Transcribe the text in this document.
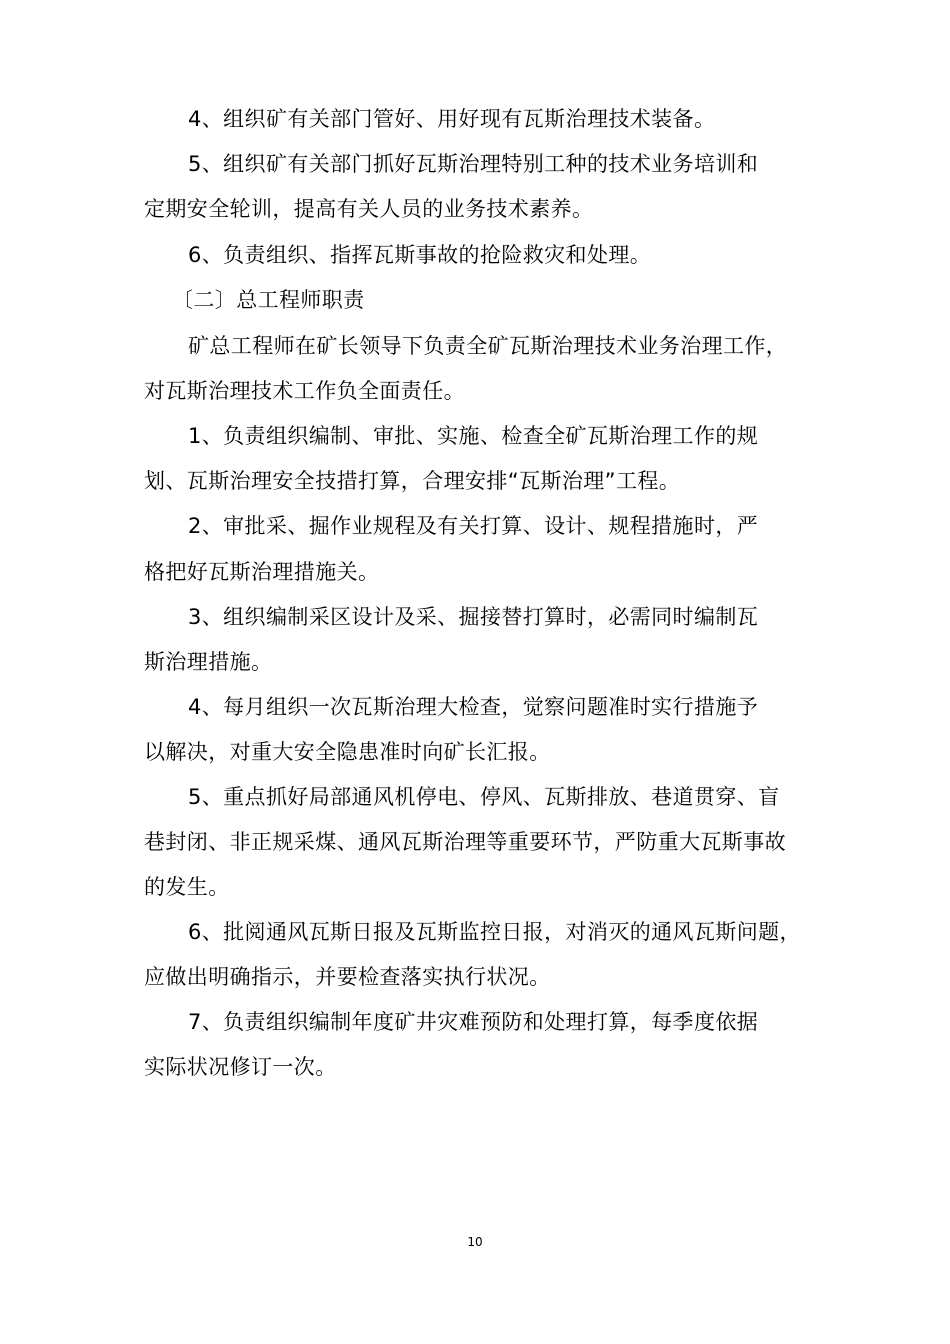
4、组织矿有关部门管好、用好现有瓦斯治理技术装备。
5、组织矿有关部门抓好瓦斯治理特别工种的技术业务培训和
定期安全轮训，提高有关人员的业务技术素养。
6、负责组织、指挥瓦斯事故的抢险救灾和处理。
〔二〕总工程师职责
矿总工程师在矿长领导下负责全矿瓦斯治理技术业务治理工作，
对瓦斯治理技术工作负全面责任。
1、负责组织编制、审批、实施、检查全矿瓦斯治理工作的规
划、瓦斯治理安全技措打算，合理安排“瓦斯治理”工程。
2、审批采、掘作业规程及有关打算、设计、规程措施时，严
格把好瓦斯治理措施关。
3、组织编制采区设计及采、掘接替打算时，必需同时编制瓦
斯治理措施。
4、每月组织一次瓦斯治理大检查，觉察问题准时实行措施予
以解决，对重大安全隐患准时向矿长汇报。
5、重点抓好局部通风机停电、停风、瓦斯排放、巷道贯穿、盲
巷封闭、非正规采煤、通风瓦斯治理等重要环节，严防重大瓦斯事故
的发生。
6、批阅通风瓦斯日报及瓦斯监控日报，对消灭的通风瓦斯问题，
应做出明确指示，并要检查落实执行状况。
7、负责组织编制年度矿井灾难预防和处理打算，每季度依据
实际状况修订一次。
10
